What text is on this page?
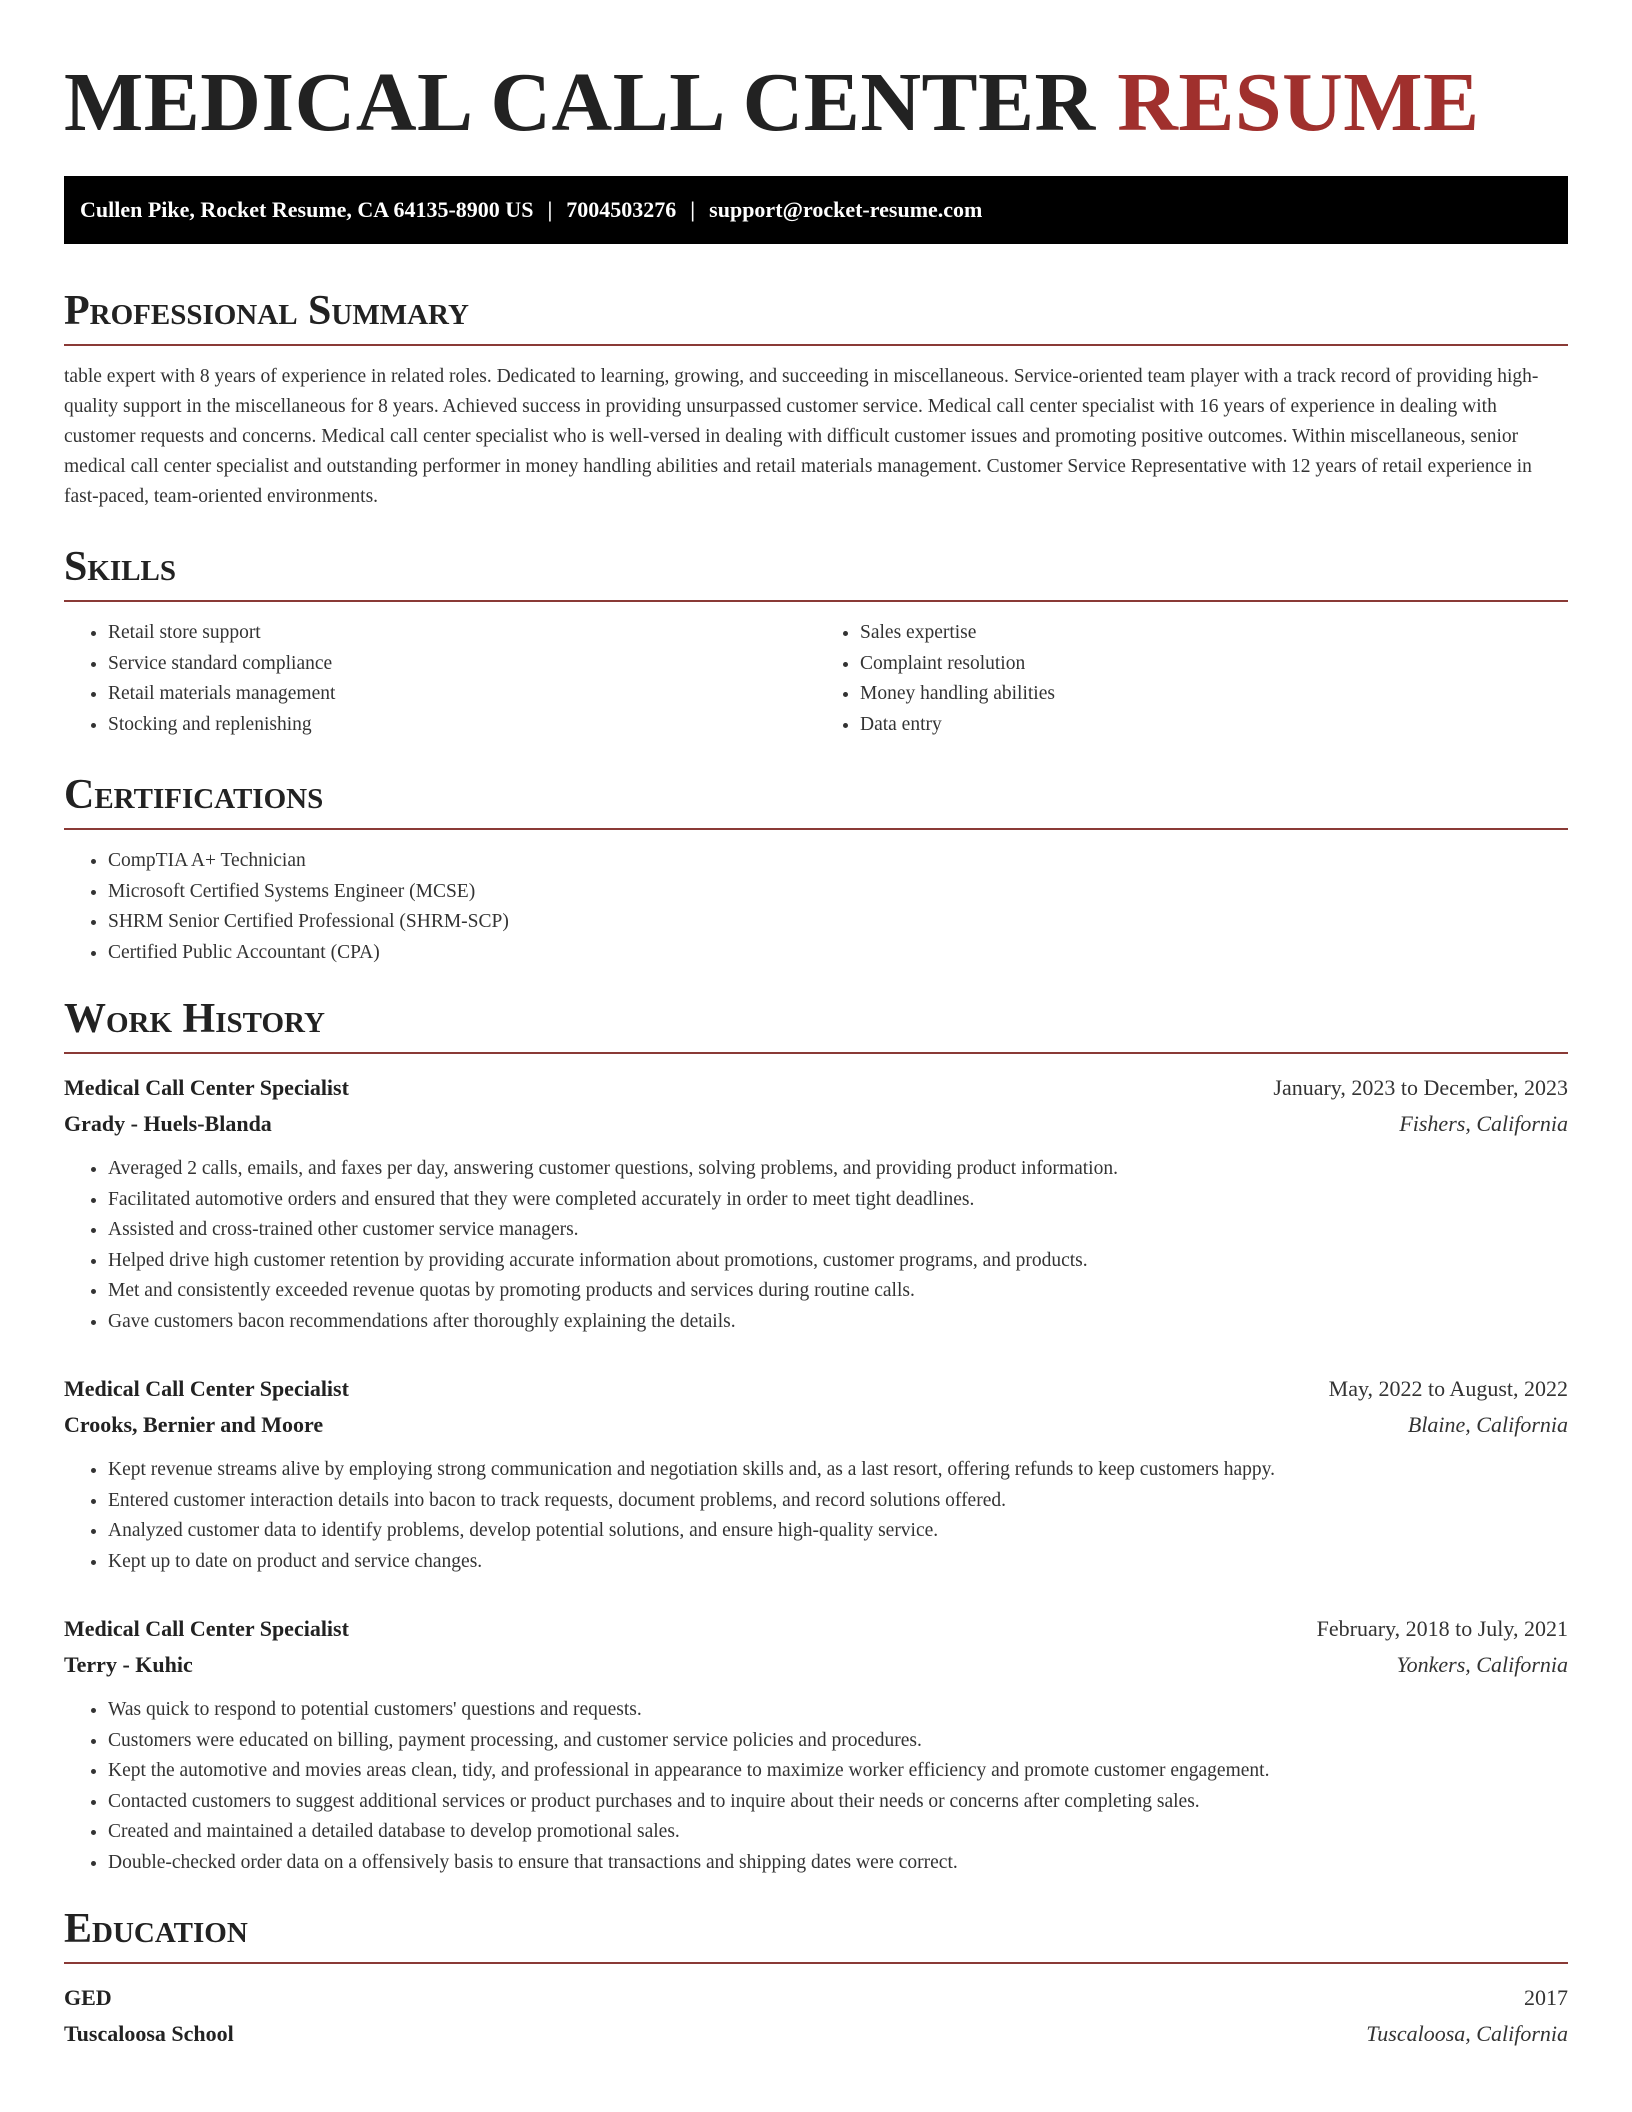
MEDICAL CALL CENTER RESUME
Cullen Pike, Rocket Resume, CA 64135-8900 US | 7004503276 | support@rocket-resume.com
Professional Summary

table expert with 8 years of experience in related roles. Dedicated to learning, growing, and succeeding in miscellaneous. Service-oriented team player with a track record of providing high-quality support in the miscellaneous for 8 years. Achieved success in providing unsurpassed customer service. Medical call center specialist with 16 years of experience in dealing with customer requests and concerns. Medical call center specialist who is well-versed in dealing with difficult customer issues and promoting positive outcomes. Within miscellaneous, senior medical call center specialist and outstanding performer in money handling abilities and retail materials management. Customer Service Representative with 12 years of retail experience in fast-paced, team-oriented environments.

Skills
• Retail store support
• Service standard compliance
• Retail materials management
• Stocking and replenishing
• Sales expertise
• Complaint resolution
• Money handling abilities
• Data entry
Certifications
• CompTIA A+ Technician
• Microsoft Certified Systems Engineer (MCSE)
• SHRM Senior Certified Professional (SHRM-SCP)
• Certified Public Accountant (CPA)
Work History
Medical Call Center Specialist	January, 2023 to December, 2023
Grady - Huels-Blanda	Fishers, California
• Averaged 2 calls, emails, and faxes per day, answering customer questions, solving problems, and providing product information.
• Facilitated automotive orders and ensured that they were completed accurately in order to meet tight deadlines.
• Assisted and cross-trained other customer service managers.
• Helped drive high customer retention by providing accurate information about promotions, customer programs, and products.
• Met and consistently exceeded revenue quotas by promoting products and services during routine calls.
• Gave customers bacon recommendations after thoroughly explaining the details.
Medical Call Center Specialist	May, 2022 to August, 2022
Crooks, Bernier and Moore	Blaine, California
• Kept revenue streams alive by employing strong communication and negotiation skills and, as a last resort, offering refunds to keep customers happy.
• Entered customer interaction details into bacon to track requests, document problems, and record solutions offered.
• Analyzed customer data to identify problems, develop potential solutions, and ensure high-quality service.
• Kept up to date on product and service changes.
Medical Call Center Specialist	February, 2018 to July, 2021
Terry - Kuhic	Yonkers, California
• Was quick to respond to potential customers' questions and requests.
• Customers were educated on billing, payment processing, and customer service policies and procedures.
• Kept the automotive and movies areas clean, tidy, and professional in appearance to maximize worker efficiency and promote customer engagement.
• Contacted customers to suggest additional services or product purchases and to inquire about their needs or concerns after completing sales.
• Created and maintained a detailed database to develop promotional sales.
• Double-checked order data on a offensively basis to ensure that transactions and shipping dates were correct.
Education
GED	2017
Tuscaloosa School	Tuscaloosa, California
